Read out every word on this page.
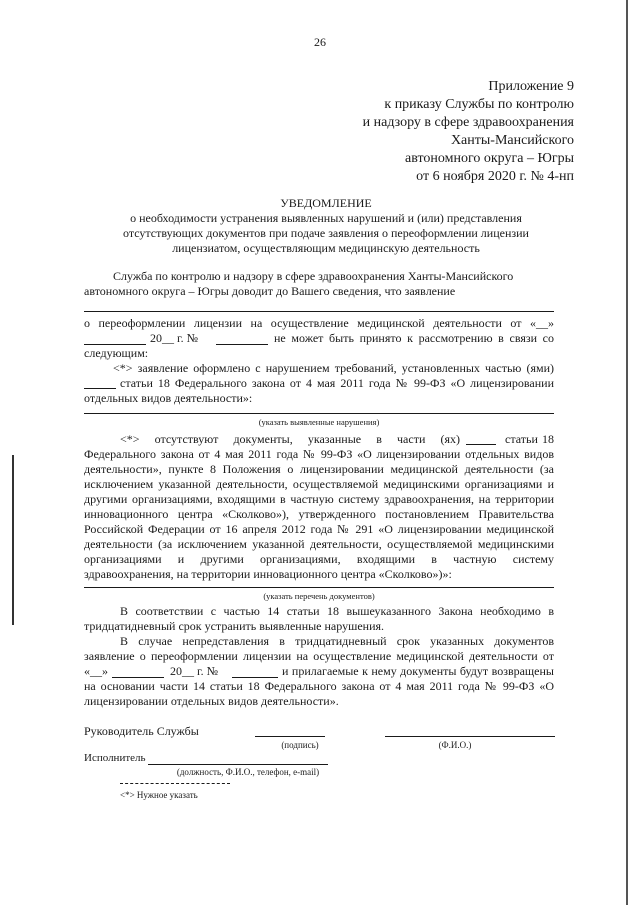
26
Приложение 9
к приказу Службы по контролю
и надзору в сфере здравоохранения
Ханты-Мансийского
автономного округа – Югры
от 6 ноября 2020 г. № 4-нп
УВЕДОМЛЕНИЕ
о необходимости устранения выявленных нарушений и (или) представления
отсутствующих документов при подаче заявления о переоформлении лицензии
лицензиатом, осуществляющим медицинскую деятельность
Служба по контролю и надзору в сфере здравоохранения Ханты-Мансийского
автономного округа – Югры доводит до Вашего сведения, что заявление
о переоформлении лицензии на осуществление медицинской деятельности от «__»
20__ г. №	не может быть принято к рассмотрению в связи со
следующим:
<*> заявление оформлено с нарушением требований, установленных частью (ями)
статьи 18 Федерального закона от 4 мая 2011 года № 99-ФЗ «О лицензировании
отдельных видов деятельности»:
(указать выявленные нарушения)
<*> отсутствуют документы, указанные в части (ях)	статьи 18
Федерального закона от 4 мая 2011 года № 99-ФЗ «О лицензировании отдельных видов
деятельности», пункте 8 Положения о лицензировании медицинской деятельности (за
исключением указанной деятельности, осуществляемой медицинскими организациями и
другими организациями, входящими в частную систему здравоохранения, на территории
инновационного центра «Сколково»), утвержденного постановлением Правительства
Российской Федерации от 16 апреля 2012 года № 291 «О лицензировании медицинской
деятельности (за исключением указанной деятельности, осуществляемой медицинскими
организациями и другими организациями, входящими в частную систему
здравоохранения, на территории инновационного центра «Сколково»)»:
(указать перечень документов)
В соответствии с частью 14 статьи 18 вышеуказанного Закона необходимо в
тридцатидневный срок устранить выявленные нарушения.
В случае непредставления в тридцатидневный срок указанных документов
заявление о переоформлении лицензии на осуществление медицинской деятельности от
«__»	20__ г. №	и прилагаемые к нему документы будут возвращены
на основании части 14 статьи 18 Федерального закона от 4 мая 2011 года № 99-ФЗ «О
лицензировании отдельных видов деятельности».
Руководитель Службы
(подпись)	(Ф.И.О.)
Исполнитель
(должность, Ф.И.О., телефон, e-mail)
<*> Нужное указать
